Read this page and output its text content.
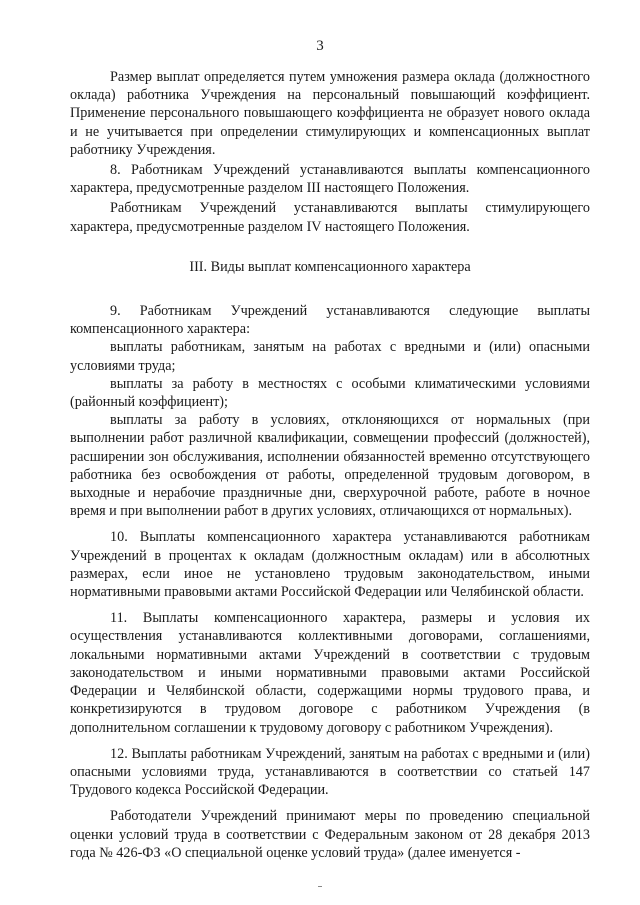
3

Размер выплат определяется путем умножения размера оклада (должностного оклада) работника Учреждения на персональный повышающий коэффициент. Применение персонального повышающего коэффициента не образует нового оклада и не учитывается при определении стимулирующих и компенсационных выплат работнику Учреждения.

8. Работникам Учреждений устанавливаются выплаты компенсационного характера, предусмотренные разделом III настоящего Положения.

Работникам Учреждений устанавливаются выплаты стимулирующего характера, предусмотренные разделом IV настоящего Положения.

III. Виды выплат компенсационного характера

9. Работникам Учреждений устанавливаются следующие выплаты компенсационного характера:

выплаты работникам, занятым на работах с вредными и (или) опасными условиями труда;

выплаты за работу в местностях с особыми климатическими условиями (районный коэффициент);

выплаты за работу в условиях, отклоняющихся от нормальных (при выполнении работ различной квалификации, совмещении профессий (должностей), расширении зон обслуживания, исполнении обязанностей временно отсутствующего работника без освобождения от работы, определенной трудовым договором, в выходные и нерабочие праздничные дни, сверхурочной работе, работе в ночное время и при выполнении работ в других условиях, отличающихся от нормальных).

10. Выплаты компенсационного характера устанавливаются работникам Учреждений в процентах к окладам (должностным окладам) или в абсолютных размерах, если иное не установлено трудовым законодательством, иными нормативными правовыми актами Российской Федерации или Челябинской области.

11. Выплаты компенсационного характера, размеры и условия их осуществления устанавливаются коллективными договорами, соглашениями, локальными нормативными актами Учреждений в соответствии с трудовым законодательством и иными нормативными правовыми актами Российской Федерации и Челябинской области, содержащими нормы трудового права, и конкретизируются в трудовом договоре с работником Учреждения (в дополнительном соглашении к трудовому договору с работником Учреждения).

12. Выплаты работникам Учреждений, занятым на работах с вредными и (или) опасными условиями труда, устанавливаются в соответствии со статьей 147 Трудового кодекса Российской Федерации.

Работодатели Учреждений принимают меры по проведению специальной оценки условий труда в соответствии с Федеральным законом от 28 декабря 2013 года № 426-ФЗ «О специальной оценке условий труда» (далее именуется -
